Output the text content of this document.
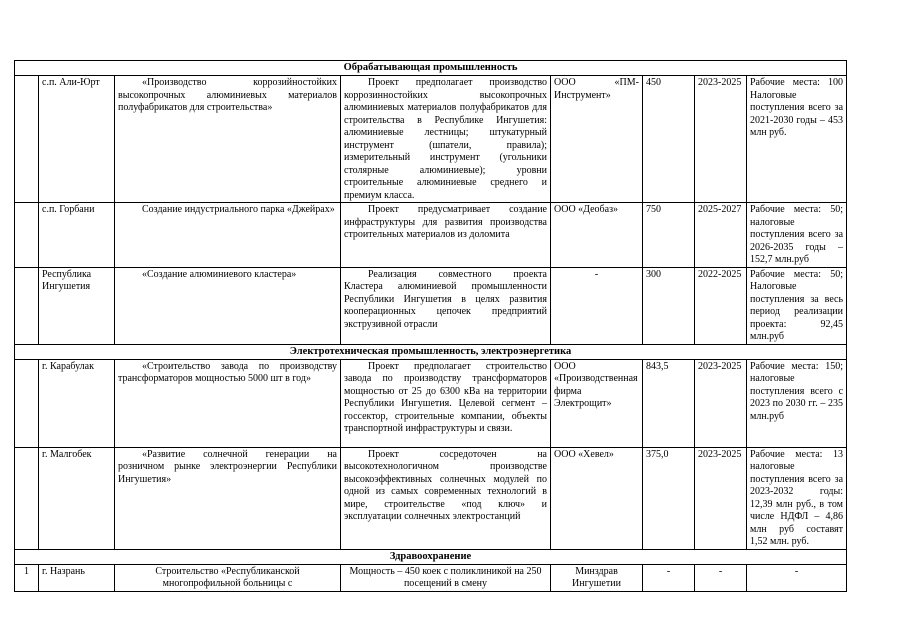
Обрабатывающая промышленность							
	с.п. Али-Юрт	«Производство коррозийностойких высокопрочных алюминиевых материалов полуфабрикатов для строительства»	Проект предполагает производство коррозинностойких высокопрочных алюминиевых материалов полуфабрикатов для строительства в Республике Ингушетия: алюминиевые лестницы; штукатурный инструмент (шпатели, правила); измерительный инструмент (угольники столярные алюминиевые); уровни строительные алюминиевые среднего и премиум класса.	ООО «ПМ-Инструмент»	450	2023-2025	Рабочие места: 100 Налоговые поступления всего за 2021-2030 годы – 453 млн руб.
	с.п. Горбани	Создание индустриального парка «Джейрах»	Проект предусматривает создание инфраструктуры для развития производства строительных материалов из доломита	ООО «Деобаз»	750	2025-2027	Рабочие места: 50; налоговые поступления всего за 2026-2035 годы – 152,7 млн.руб
	Республика Ингушетия	«Создание алюминиевого кластера»	Реализация совместного проекта Кластера алюминиевой промышленности Республики Ингушетия в целях развития кооперационных цепочек предприятий экструзивной отрасли	-	300	2022-2025	Рабочие места: 50; Налоговые поступления за весь период реализации проекта: 92,45 млн.руб
Электротехническая промышленность, электроэнергетика							
	г. Карабулак	«Строительство завода по производству трансформаторов мощностью 5000 шт в год»	Проект предполагает строительство завода по производству трансформаторов мощностью от 25 до 6300 кВа на территории Республики Ингушетия. Целевой сегмент – госсектор, строительные компании, объекты транспортной инфраструктуры и связи.	ООО «Производственная фирма Электрощит»	843,5	2023-2025	Рабочие места: 150; налоговые поступления всего с 2023 по 2030 гг. – 235 млн.руб
	г. Малгобек	«Развитие солнечной генерации на розничном рынке электроэнергии Республики Ингушетия»	Проект сосредоточен на высокотехнологичном производстве высокоэффективных солнечных модулей по одной из самых современных технологий в мире, строительстве «под ключ» и эксплуатации солнечных электростанций	ООО «Хевел»	375,0	2023-2025	Рабочие места: 13 налоговые поступления всего за 2023-2032 годы: 12,39 млн руб., в том числе НДФЛ – 4,86 млн руб составят 1,52 млн. руб.
Здравоохранение							
1	г. Назрань	Строительство «Республиканской многопрофильной больницы с	Мощность – 450 коек с поликлиникой на 250 посещений в смену	Минздрав Ингушетии	-	-	-
